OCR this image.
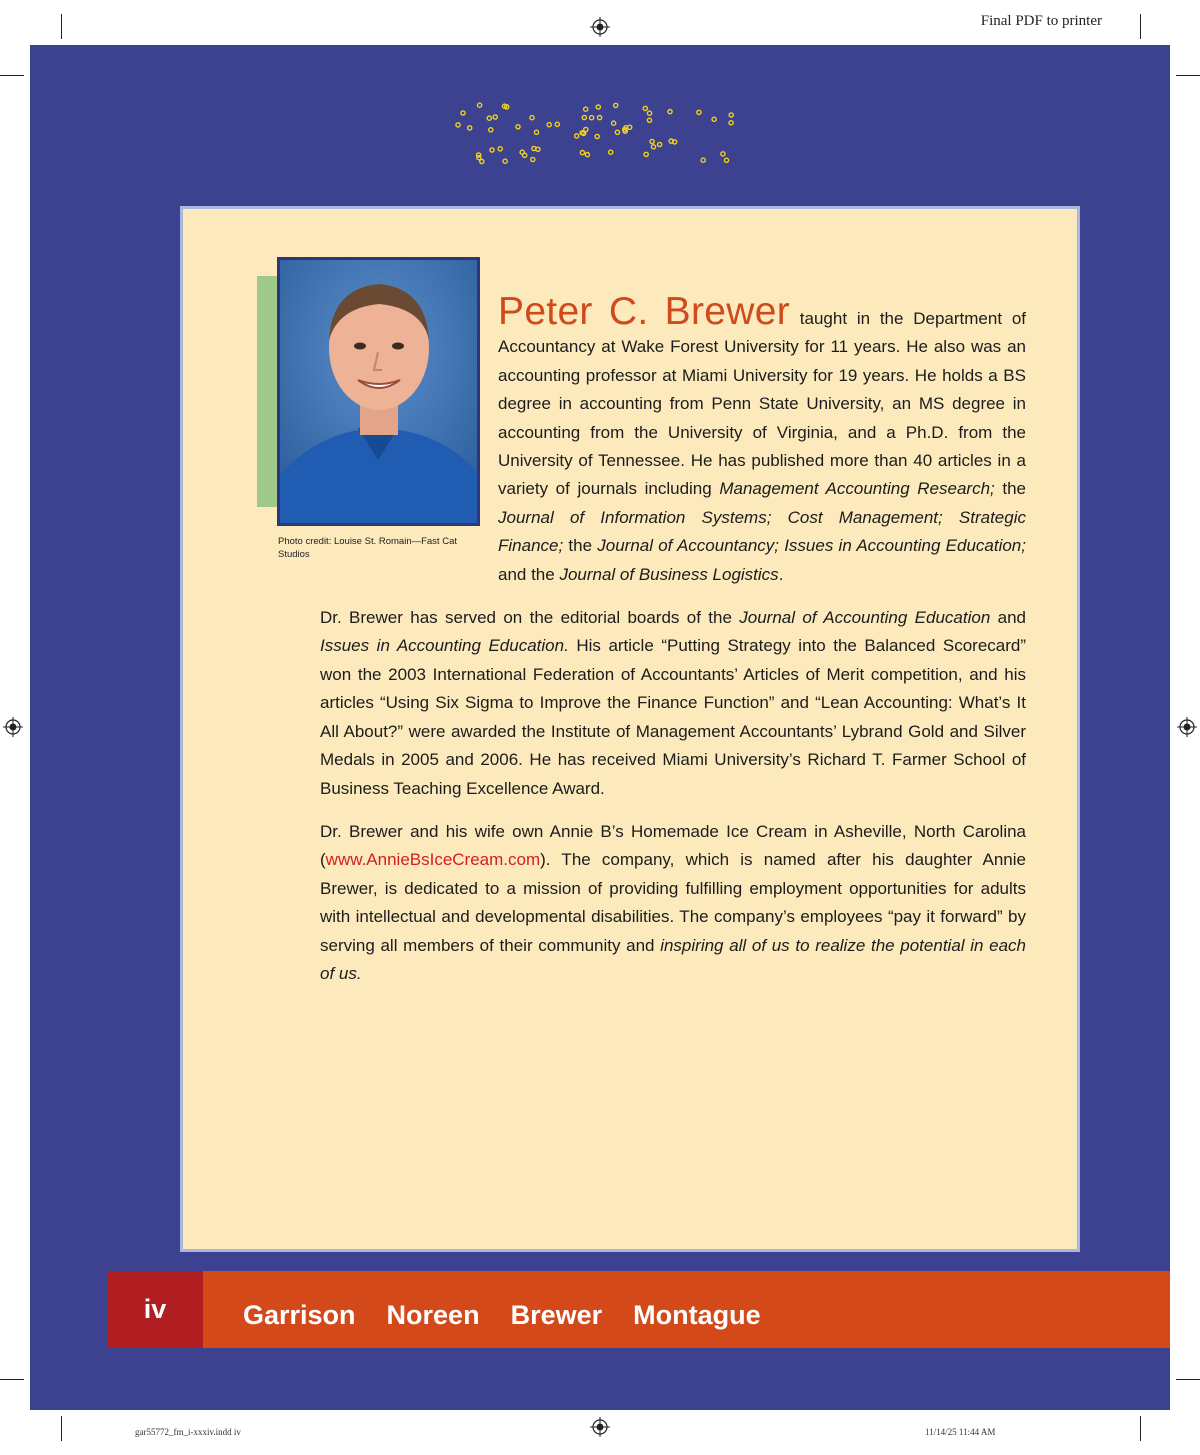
Final PDF to printer
Photo credit: Louise St. Romain—Fast Cat Studios

Peter C. Brewer taught in the Department of Accountancy at Wake Forest University for 11 years. He also was an accounting professor at Miami University for 19 years. He holds a BS degree in accounting from Penn State University, an MS degree in accounting from the University of Virginia, and a Ph.D. from the University of Tennessee. He has published more than 40 articles in a variety of journals including Management Accounting Research; the Journal of Information Systems; Cost Management; Strategic Finance; the Journal of Accountancy; Issues in Accounting Education; and the Journal of Business Logistics.

Dr. Brewer has served on the editorial boards of the Journal of Accounting Education and Issues in Accounting Education. His article “Putting Strategy into the Balanced Scorecard” won the 2003 International Federation of Accountants’ Articles of Merit competition, and his articles “Using Six Sigma to Improve the Finance Function” and “Lean Accounting: What’s It All About?” were awarded the Institute of Management Accountants’ Lybrand Gold and Silver Medals in 2005 and 2006. He has received Miami University’s Richard T. Farmer School of Business Teaching Excellence Award.

Dr. Brewer and his wife own Annie B’s Homemade Ice Cream in Asheville, North Carolina (www.AnnieBsIceCream.com). The company, which is named after his daughter Annie Brewer, is dedicated to a mission of providing fulfilling employment opportunities for adults with intellectual and developmental disabilities. The company’s employees “pay it forward” by serving all members of their community and inspiring all of us to realize the potential in each of us.

iv	Garrison Noreen Brewer Montague
gar55772_fm_i-xxxiv.indd iv	11/14/25 11:44 AM
